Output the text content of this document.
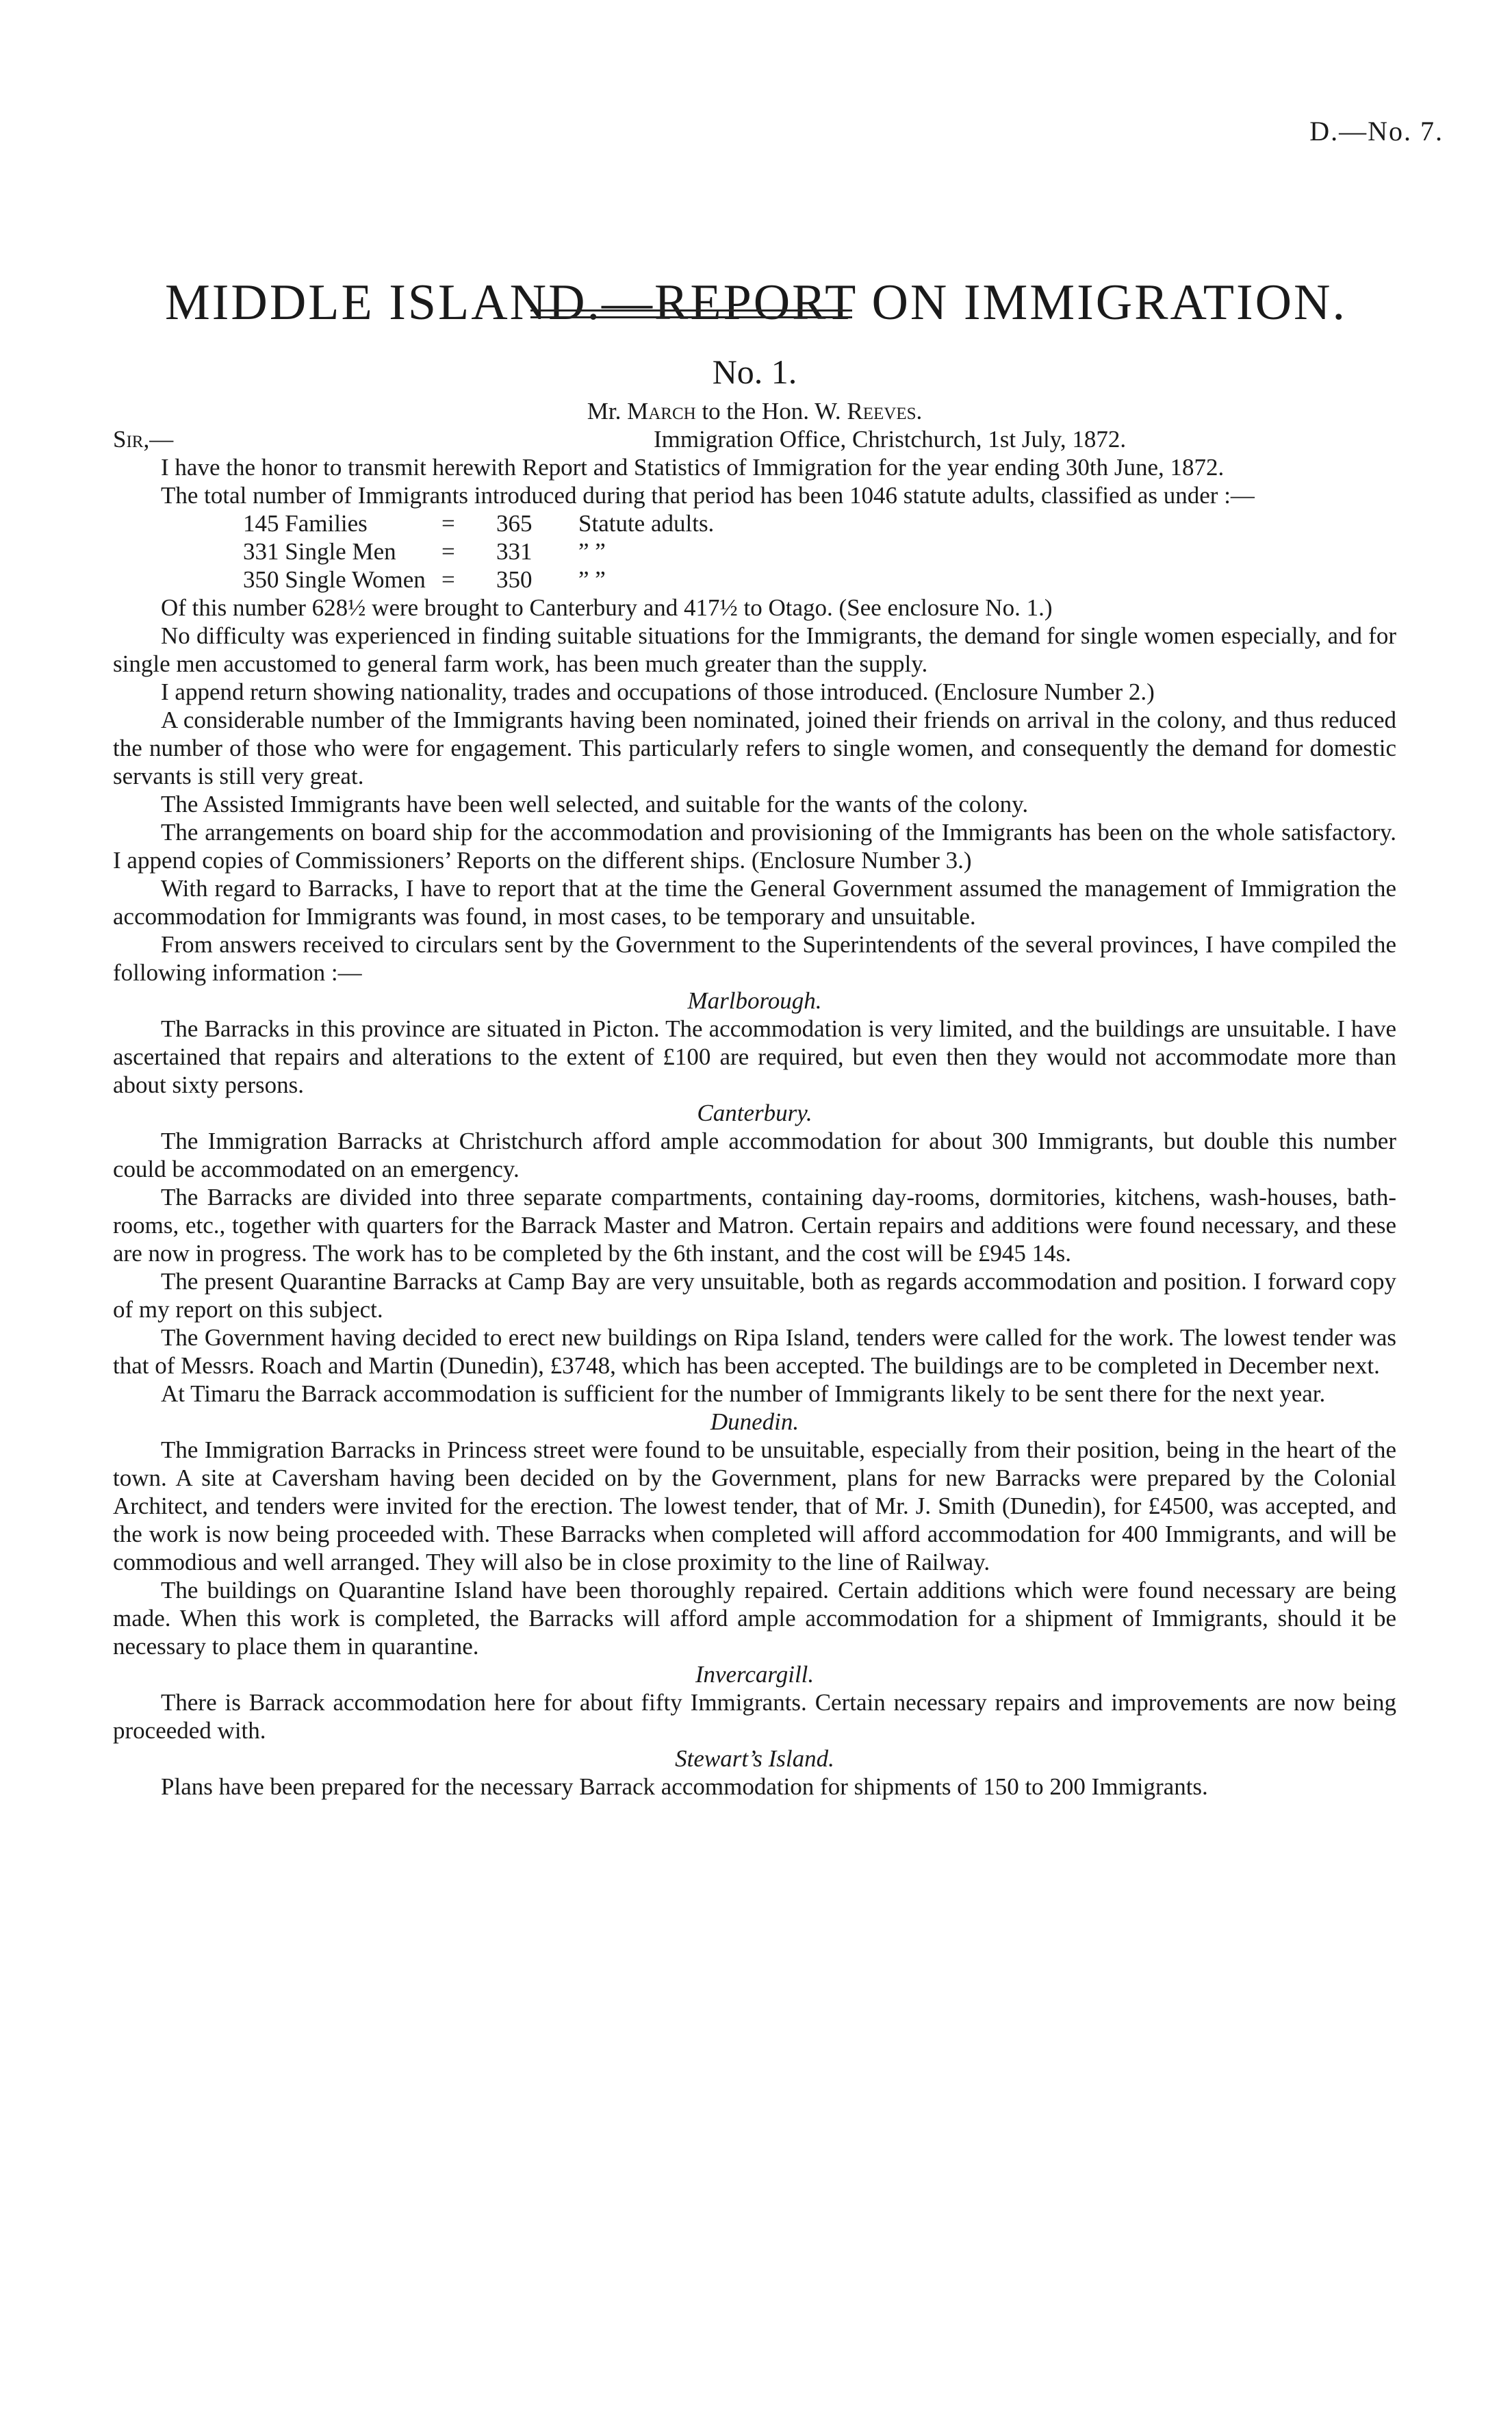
D.—No. 7.
MIDDLE ISLAND.—REPORT ON IMMIGRATION.
No. 1.
Mr. March to the Hon. W. Reeves.
Sir,—	Immigration Office, Christchurch, 1st July, 1872.

I have the honor to transmit herewith Report and Statistics of Immigration for the year ending 30th June, 1872.

The total number of Immigrants introduced during that period has been 1046 statute adults, classified as under :—

145 Families	=	365	Statute adults.
331 Single Men	=	331	” ”
350 Single Women =	350	” ”

Of this number 628½ were brought to Canterbury and 417½ to Otago. (See enclosure No. 1.)

No difficulty was experienced in finding suitable situations for the Immigrants, the demand for single women especially, and for single men accustomed to general farm work, has been much greater than the supply.

I append return showing nationality, trades and occupations of those introduced. (Enclosure Number 2.)

A considerable number of the Immigrants having been nominated, joined their friends on arrival in the colony, and thus reduced the number of those who were for engagement. This particularly refers to single women, and consequently the demand for domestic servants is still very great.

The Assisted Immigrants have been well selected, and suitable for the wants of the colony.

The arrangements on board ship for the accommodation and provisioning of the Immigrants has been on the whole satisfactory. I append copies of Commissioners’ Reports on the different ships. (Enclosure Number 3.)

With regard to Barracks, I have to report that at the time the General Government assumed the management of Immigration the accommodation for Immigrants was found, in most cases, to be temporary and unsuitable.

From answers received to circulars sent by the Government to the Superintendents of the several provinces, I have compiled the following information :—

Marlborough.

The Barracks in this province are situated in Picton. The accommodation is very limited, and the buildings are unsuitable. I have ascertained that repairs and alterations to the extent of £100 are required, but even then they would not accommodate more than about sixty persons.

Canterbury.

The Immigration Barracks at Christchurch afford ample accommodation for about 300 Immigrants, but double this number could be accommodated on an emergency.

The Barracks are divided into three separate compartments, containing day-rooms, dormitories, kitchens, wash-houses, bath-rooms, etc., together with quarters for the Barrack Master and Matron. Certain repairs and additions were found necessary, and these are now in progress. The work has to be completed by the 6th instant, and the cost will be £945 14s.

The present Quarantine Barracks at Camp Bay are very unsuitable, both as regards accommodation and position. I forward copy of my report on this subject.

The Government having decided to erect new buildings on Ripa Island, tenders were called for the work. The lowest tender was that of Messrs. Roach and Martin (Dunedin), £3748, which has been accepted. The buildings are to be completed in December next.

At Timaru the Barrack accommodation is sufficient for the number of Immigrants likely to be sent there for the next year.

Dunedin.

The Immigration Barracks in Princess street were found to be unsuitable, especially from their position, being in the heart of the town. A site at Caversham having been decided on by the Government, plans for new Barracks were prepared by the Colonial Architect, and tenders were invited for the erection. The lowest tender, that of Mr. J. Smith (Dunedin), for £4500, was accepted, and the work is now being proceeded with. These Barracks when completed will afford accommodation for 400 Immigrants, and will be commodious and well arranged. They will also be in close proximity to the line of Railway.

The buildings on Quarantine Island have been thoroughly repaired. Certain additions which were found necessary are being made. When this work is completed, the Barracks will afford ample accommodation for a shipment of Immigrants, should it be necessary to place them in quarantine.

Invercargill.

There is Barrack accommodation here for about fifty Immigrants. Certain necessary repairs and improvements are now being proceeded with.

Stewart’s Island.

Plans have been prepared for the necessary Barrack accommodation for shipments of 150 to 200 Immigrants.
